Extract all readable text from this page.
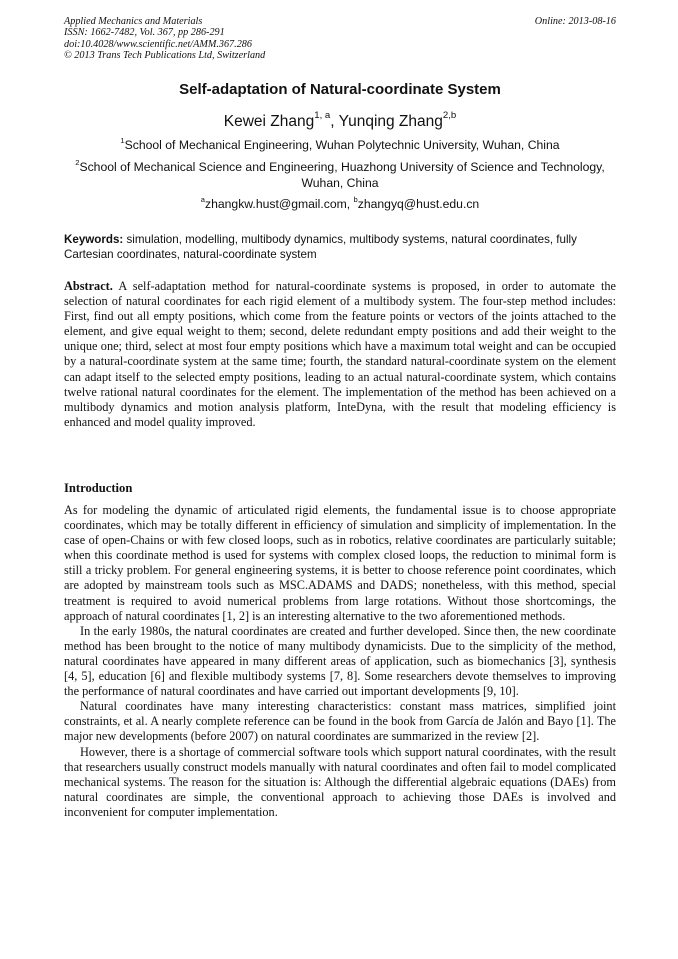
Applied Mechanics and Materials
ISSN: 1662-7482, Vol. 367, pp 286-291
doi:10.4028/www.scientific.net/AMM.367.286
© 2013 Trans Tech Publications Ltd, Switzerland
Online: 2013-08-16
Self-adaptation of Natural-coordinate System
Kewei Zhang$^{1, a}$, Yunqing Zhang$^{2,b}$
$^1$School of Mechanical Engineering, Wuhan Polytechnic University, Wuhan, China
$^2$School of Mechanical Science and Engineering, Huazhong University of Science and Technology, Wuhan, China
$^a$zhangkw.hust@gmail.com, $^b$zhangyq@hust.edu.cn
Keywords: simulation, modelling, multibody dynamics, multibody systems, natural coordinates, fully Cartesian coordinates, natural-coordinate system

Abstract. A self-adaptation method for natural-coordinate systems is proposed, in order to automate the selection of natural coordinates for each rigid element of a multibody system. The four-step method includes: First, find out all empty positions, which come from the feature points or vectors of the joints attached to the element, and give equal weight to them; second, delete redundant empty positions and add their weight to the unique one; third, select at most four empty positions which have a maximum total weight and can be occupied by a natural-coordinate system at the same time; fourth, the standard natural-coordinate system on the element can adapt itself to the selected empty positions, leading to an actual natural-coordinate system, which contains twelve rational natural coordinates for the element. The implementation of the method has been achieved on a multibody dynamics and motion analysis platform, InteDyna, with the result that modeling efficiency is enhanced and model quality improved.

Introduction

As for modeling the dynamic of articulated rigid elements, the fundamental issue is to choose appropriate coordinates, which may be totally different in efficiency of simulation and simplicity of implementation. In the case of open-Chains or with few closed loops, such as in robotics, relative coordinates are particularly suitable; when this coordinate method is used for systems with complex closed loops, the reduction to minimal form is still a tricky problem. For general engineering systems, it is better to choose reference point coordinates, which are adopted by mainstream tools such as MSC.ADAMS and DADS; nonetheless, with this method, special treatment is required to avoid numerical problems from large rotations. Without those shortcomings, the approach of natural coordinates [1, 2] is an interesting alternative to the two aforementioned methods.

In the early 1980s, the natural coordinates are created and further developed. Since then, the new coordinate method has been brought to the notice of many multibody dynamicists. Due to the simplicity of the method, natural coordinates have appeared in many different areas of application, such as biomechanics [3], synthesis [4, 5], education [6] and flexible multibody systems [7, 8]. Some researchers devote themselves to improving the performance of natural coordinates and have carried out important developments [9, 10].

Natural coordinates have many interesting characteristics: constant mass matrices, simplified joint constraints, et al. A nearly complete reference can be found in the book from García de Jalón and Bayo [1]. The major new developments (before 2007) on natural coordinates are summarized in the review [2].

However, there is a shortage of commercial software tools which support natural coordinates, with the result that researchers usually construct models manually with natural coordinates and often fail to model complicated mechanical systems. The reason for the situation is: Although the differential algebraic equations (DAEs) from natural coordinates are simple, the conventional approach to achieving those DAEs is involved and inconvenient for computer implementation.
